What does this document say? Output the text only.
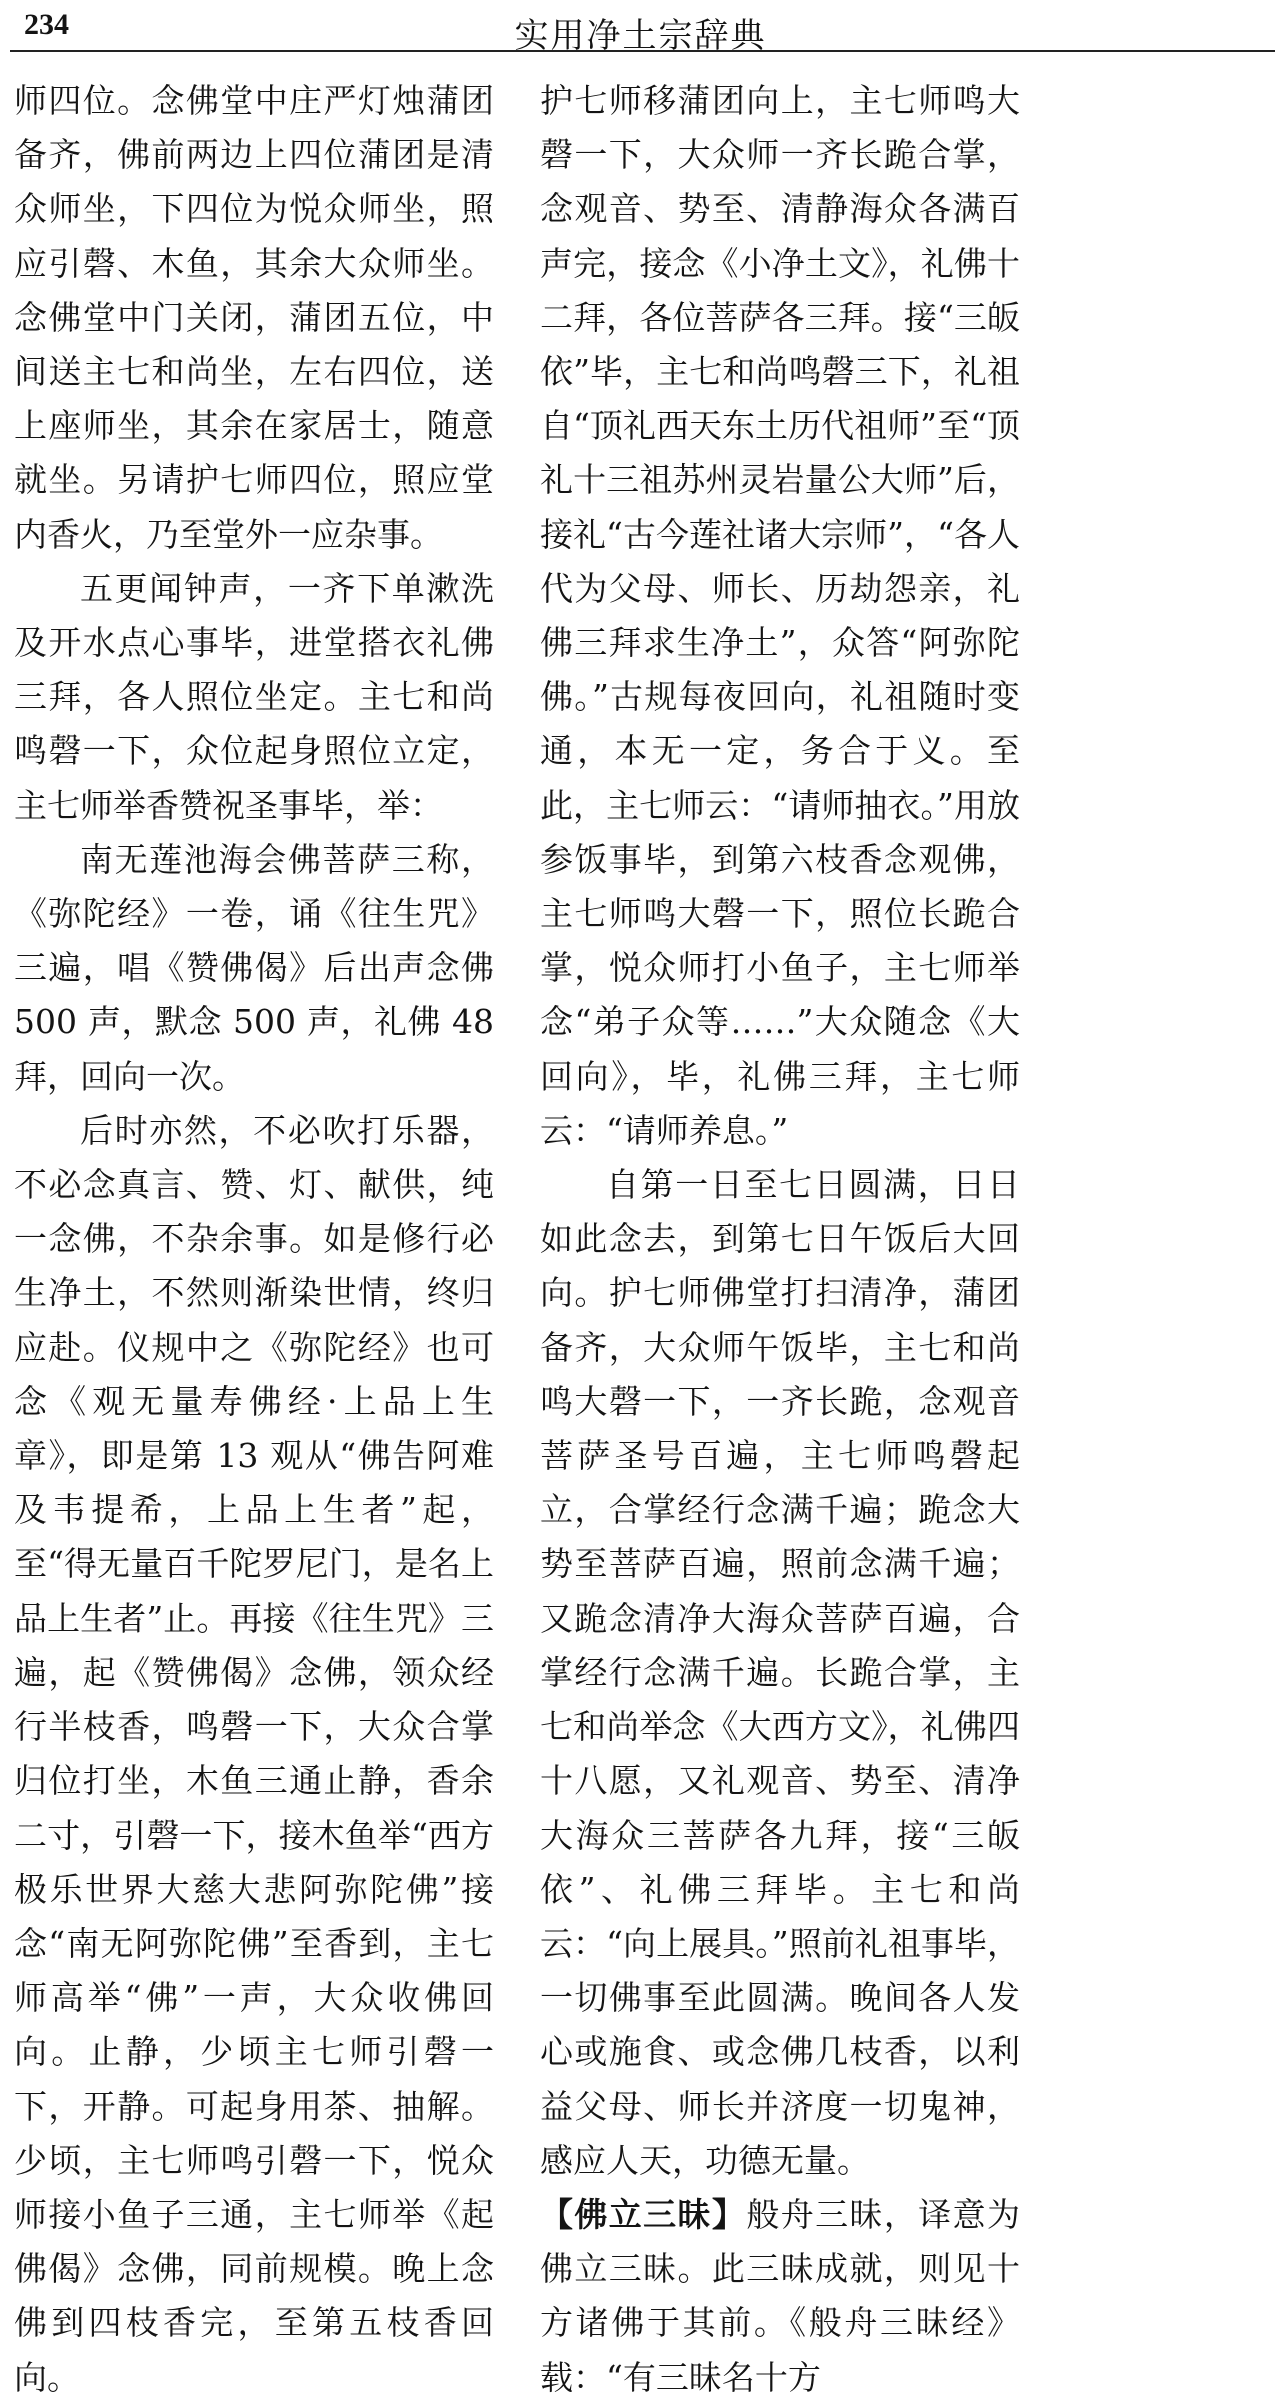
234	实用净土宗辞典

师四位。念佛堂中庄严灯烛蒲团备齐，佛前两边上四位蒲团是清众师坐，下四位为悦众师坐，照应引磬、木鱼，其余大众师坐。念佛堂中门关闭，蒲团五位，中间送主七和尚坐，左右四位，送上座师坐，其余在家居士，随意就坐。另请护七师四位，照应堂内香火，乃至堂外一应杂事。

五更闻钟声，一齐下单漱洗及开水点心事毕，进堂搭衣礼佛三拜，各人照位坐定。主七和尚鸣磬一下，众位起身照位立定，主七师举香赞祝圣事毕，举：

南无莲池海会佛菩萨三称，《弥陀经》一卷，诵《往生咒》三遍，唱《赞佛偈》后出声念佛 500 声，默念 500 声，礼佛 48 拜，回向一次。

后时亦然，不必吹打乐器，不必念真言、赞、灯、献供，纯一念佛，不杂余事。如是修行必生净土，不然则渐染世情，终归应赴。仪规中之《弥陀经》也可念《观无量寿佛经·上品上生章》，即是第 13 观从“佛告阿难及韦提希，上品上生者”起，至“得无量百千陀罗尼门，是名上品上生者”止。再接《往生咒》三遍，起《赞佛偈》念佛，领众经行半枝香，鸣磬一下，大众合掌归位打坐，木鱼三通止静，香余二寸，引磬一下，接木鱼举“西方极乐世界大慈大悲阿弥陀佛”接念“南无阿弥陀佛”至香到，主七师高举“佛”一声，大众收佛回向。止静，少顷主七师引磬一下，开静。可起身用茶、抽解。少顷，主七师鸣引磬一下，悦众师接小鱼子三通，主七师举《起佛偈》念佛，同前规模。晚上念佛到四枝香完，至第五枝香回向。

护七师移蒲团向上，主七师鸣大磬一下，大众师一齐长跪合掌，念观音、势至、清静海众各满百声完，接念《小净土文》，礼佛十二拜，各位菩萨各三拜。接“三皈依”毕，主七和尚鸣磬三下，礼祖自“顶礼西天东土历代祖师”至“顶礼十三祖苏州灵岩量公大师”后，接礼“古今莲社诸大宗师”，“各人代为父母、师长、历劫怨亲，礼佛三拜求生净土”，众答“阿弥陀佛。”古规每夜回向，礼祖随时变通，本无一定，务合于义。至此，主七师云：“请师抽衣。”用放参饭事毕，到第六枝香念观佛，主七师鸣大磬一下，照位长跪合掌，悦众师打小鱼子，主七师举念“弟子众等……”大众随念《大回向》，毕，礼佛三拜，主七师云：“请师养息。”

自第一日至七日圆满，日日如此念去，到第七日午饭后大回向。护七师佛堂打扫清净，蒲团备齐，大众师午饭毕，主七和尚鸣大磬一下，一齐长跪，念观音菩萨圣号百遍，主七师鸣磬起立，合掌经行念满千遍；跪念大势至菩萨百遍，照前念满千遍；又跪念清净大海众菩萨百遍，合掌经行念满千遍。长跪合掌，主七和尚举念《大西方文》，礼佛四十八愿，又礼观音、势至、清净大海众三菩萨各九拜，接“三皈依”、礼佛三拜毕。主七和尚云：“向上展具。”照前礼祖事毕，一切佛事至此圆满。晚间各人发心或施食、或念佛几枝香，以利益父母、师长并济度一切鬼神，感应人天，功德无量。

【佛立三昧】般舟三昧，译意为佛立三昧。此三昧成就，则见十方诸佛于其前。《般舟三昧经》载：“有三昧名十方
